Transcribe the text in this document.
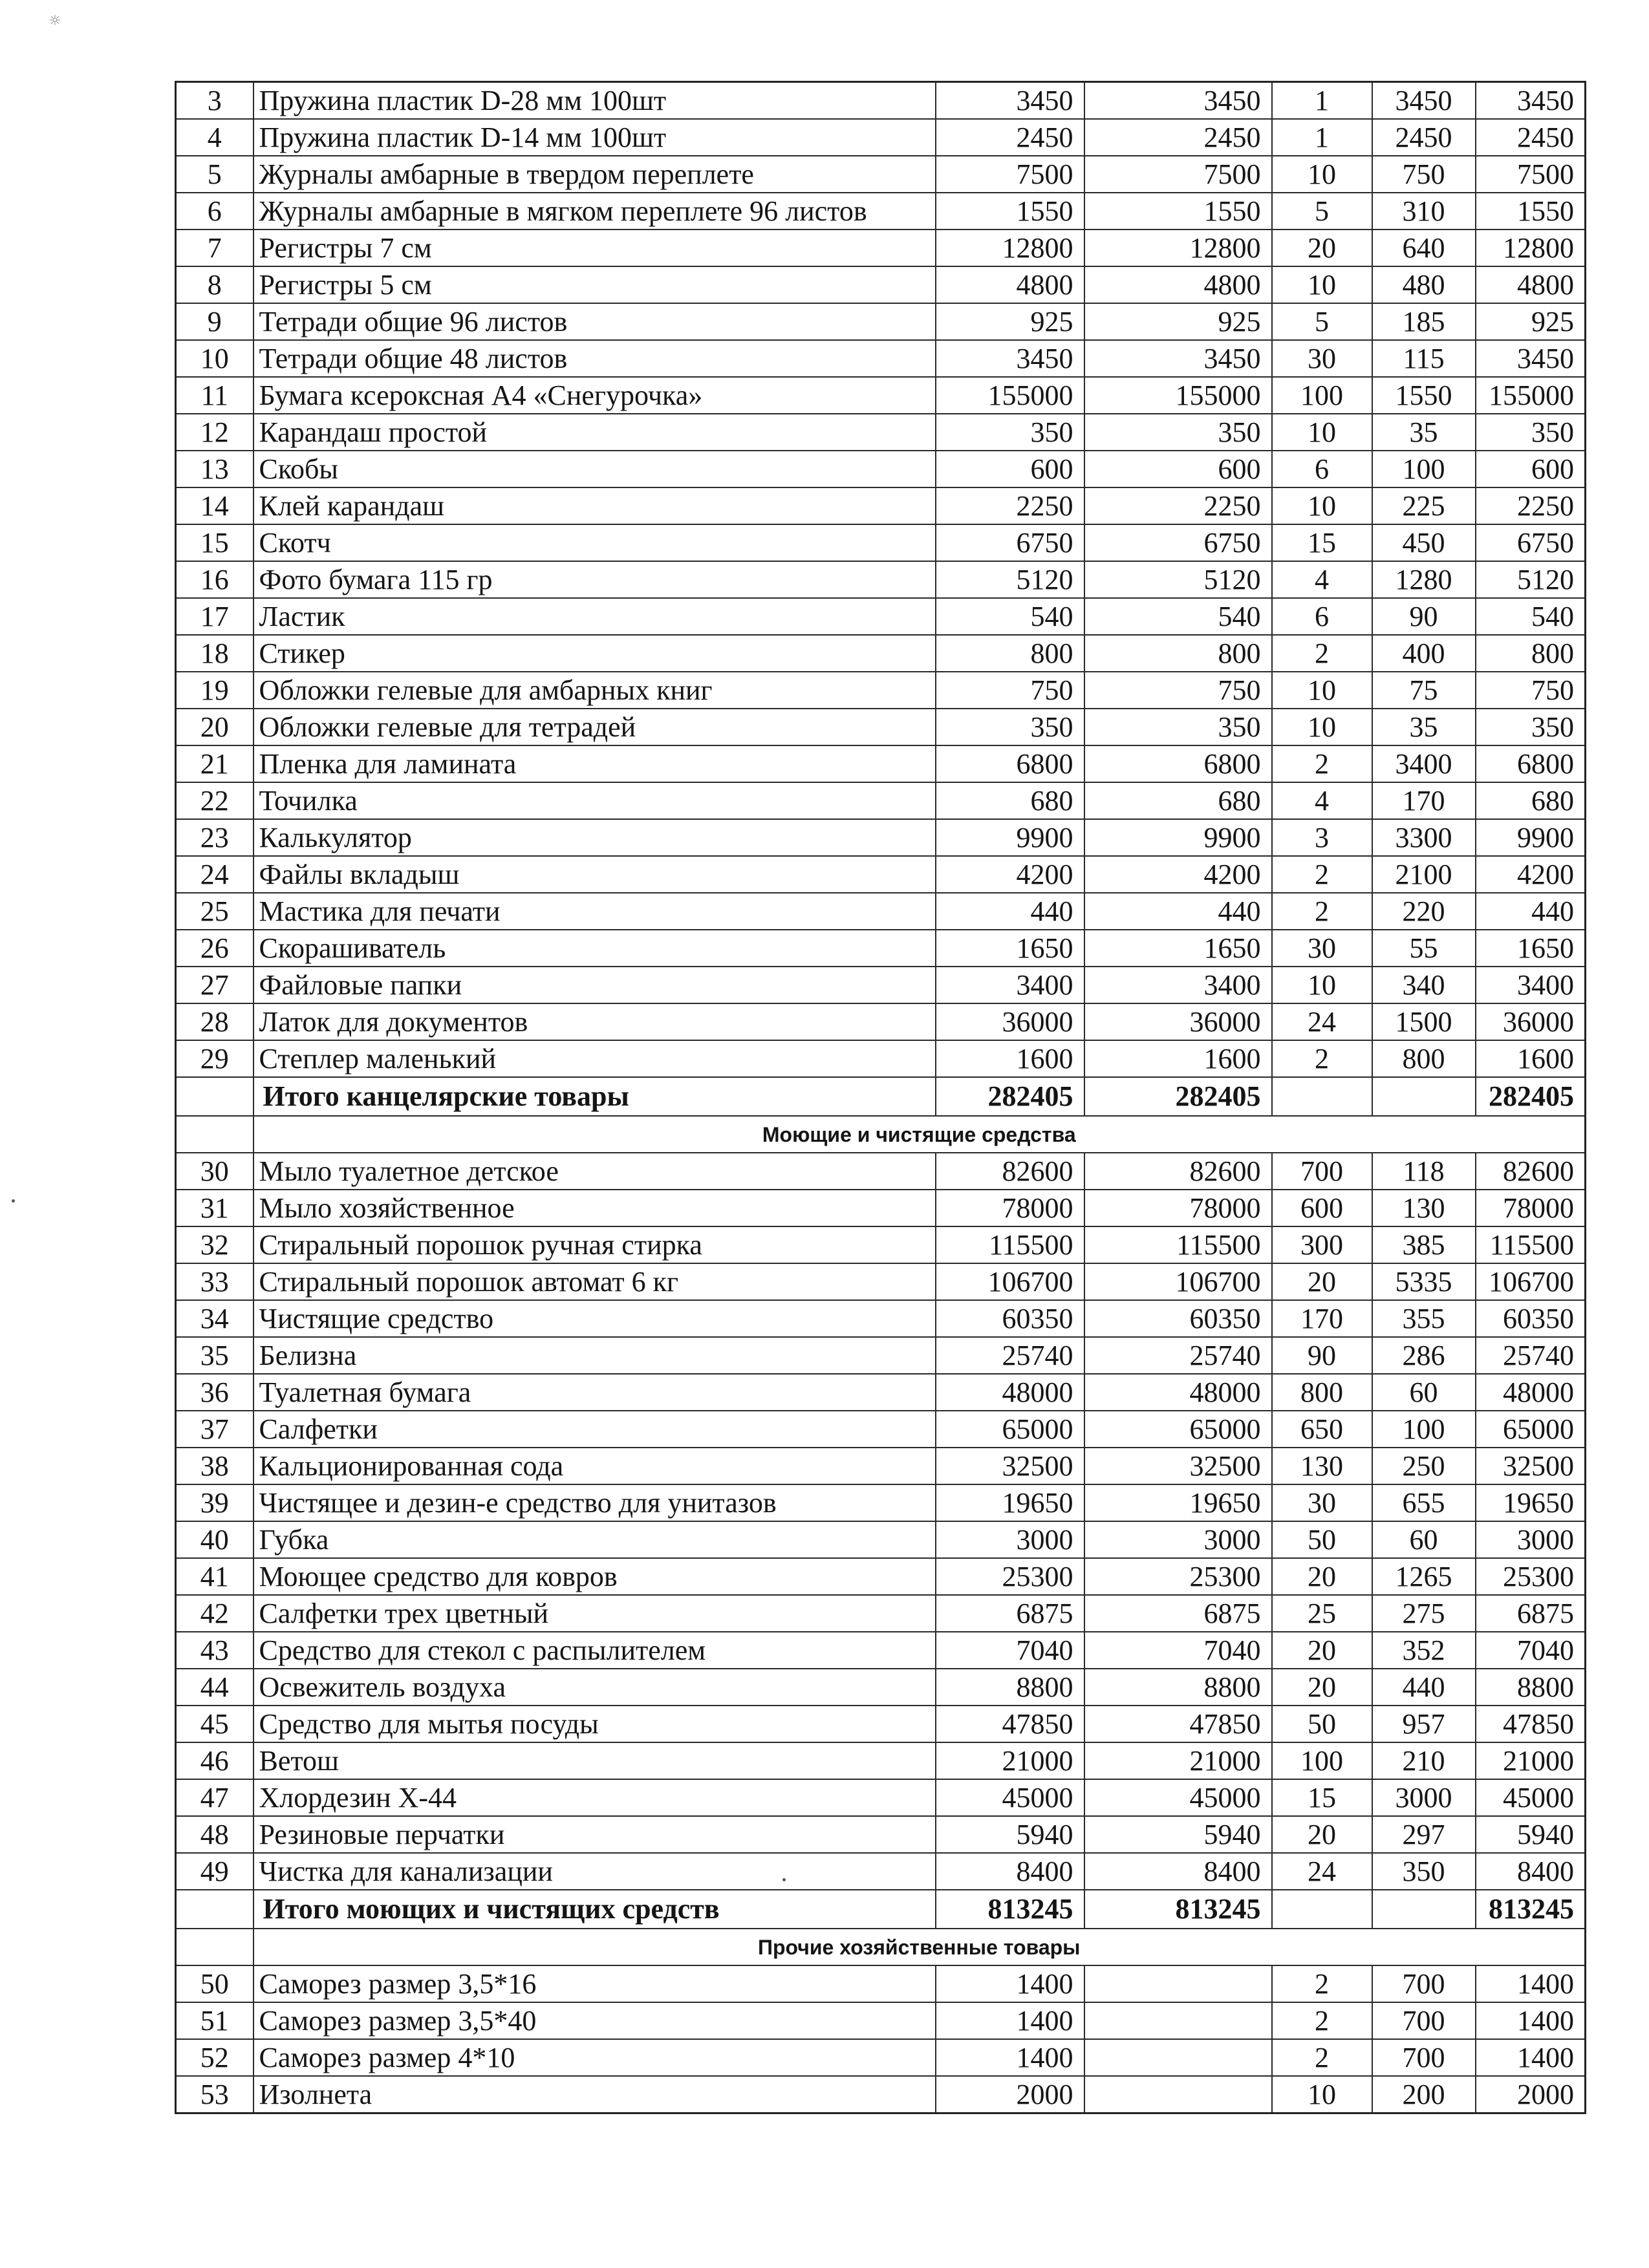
☼
3	Пружина пластик D-28 мм 100шт	3450	3450	1	3450	3450
4	Пружина пластик D-14 мм 100шт	2450	2450	1	2450	2450
5	Журналы амбарные в твердом переплете	7500	7500	10	750	7500
6	Журналы амбарные в мягком переплете 96 листов	1550	1550	5	310	1550
7	Регистры 7 см	12800	12800	20	640	12800
8	Регистры 5 см	4800	4800	10	480	4800
9	Тетради общие 96 листов	925	925	5	185	925
10	Тетради общие 48 листов	3450	3450	30	115	3450
11	Бумага ксероксная А4 «Снегурочка»	155000	155000	100	1550	155000
12	Карандаш простой	350	350	10	35	350
13	Скобы	600	600	6	100	600
14	Клей карандаш	2250	2250	10	225	2250
15	Скотч	6750	6750	15	450	6750
16	Фото бумага 115 гр	5120	5120	4	1280	5120
17	Ластик	540	540	6	90	540
18	Стикер	800	800	2	400	800
19	Обложки гелевые для амбарных книг	750	750	10	75	750
20	Обложки гелевые для тетрадей	350	350	10	35	350
21	Пленка для ламината	6800	6800	2	3400	6800
22	Точилка	680	680	4	170	680
23	Калькулятор	9900	9900	3	3300	9900
24	Файлы вкладыш	4200	4200	2	2100	4200
25	Мастика для печати	440	440	2	220	440
26	Скорашиватель	1650	1650	30	55	1650
27	Файловые папки	3400	3400	10	340	3400
28	Латок для документов	36000	36000	24	1500	36000
29	Степлер маленький	1600	1600	2	800	1600
	Итого канцелярские товары	282405	282405			282405
	Моющие и чистящие средства					
30	Мыло туалетное детское	82600	82600	700	118	82600
31	Мыло хозяйственное	78000	78000	600	130	78000
32	Стиральный порошок ручная стирка	115500	115500	300	385	115500
33	Стиральный порошок автомат 6 кг	106700	106700	20	5335	106700
34	Чистящие средство	60350	60350	170	355	60350
35	Белизна	25740	25740	90	286	25740
36	Туалетная бумага	48000	48000	800	60	48000
37	Салфетки	65000	65000	650	100	65000
38	Кальционированная сода	32500	32500	130	250	32500
39	Чистящее и дезин-е средство для унитазов	19650	19650	30	655	19650
40	Губка	3000	3000	50	60	3000
41	Моющее средство для ковров	25300	25300	20	1265	25300
42	Салфетки трех цветный	6875	6875	25	275	6875
43	Средство для стекол с распылителем	7040	7040	20	352	7040
44	Освежитель воздуха	8800	8800	20	440	8800
45	Средство для мытья посуды	47850	47850	50	957	47850
46	Ветош	21000	21000	100	210	21000
47	Хлордезин Х-44	45000	45000	15	3000	45000
48	Резиновые перчатки	5940	5940	20	297	5940
49	Чистка для канализации	8400	8400	24	350	8400
	Итого моющих и чистящих средств	813245	813245			813245
	Прочие хозяйственные товары					
50	Саморез размер 3,5*16	1400		2	700	1400
51	Саморез размер 3,5*40	1400		2	700	1400
52	Саморез размер 4*10	1400		2	700	1400
53	Изолнета	2000		10	200	2000
